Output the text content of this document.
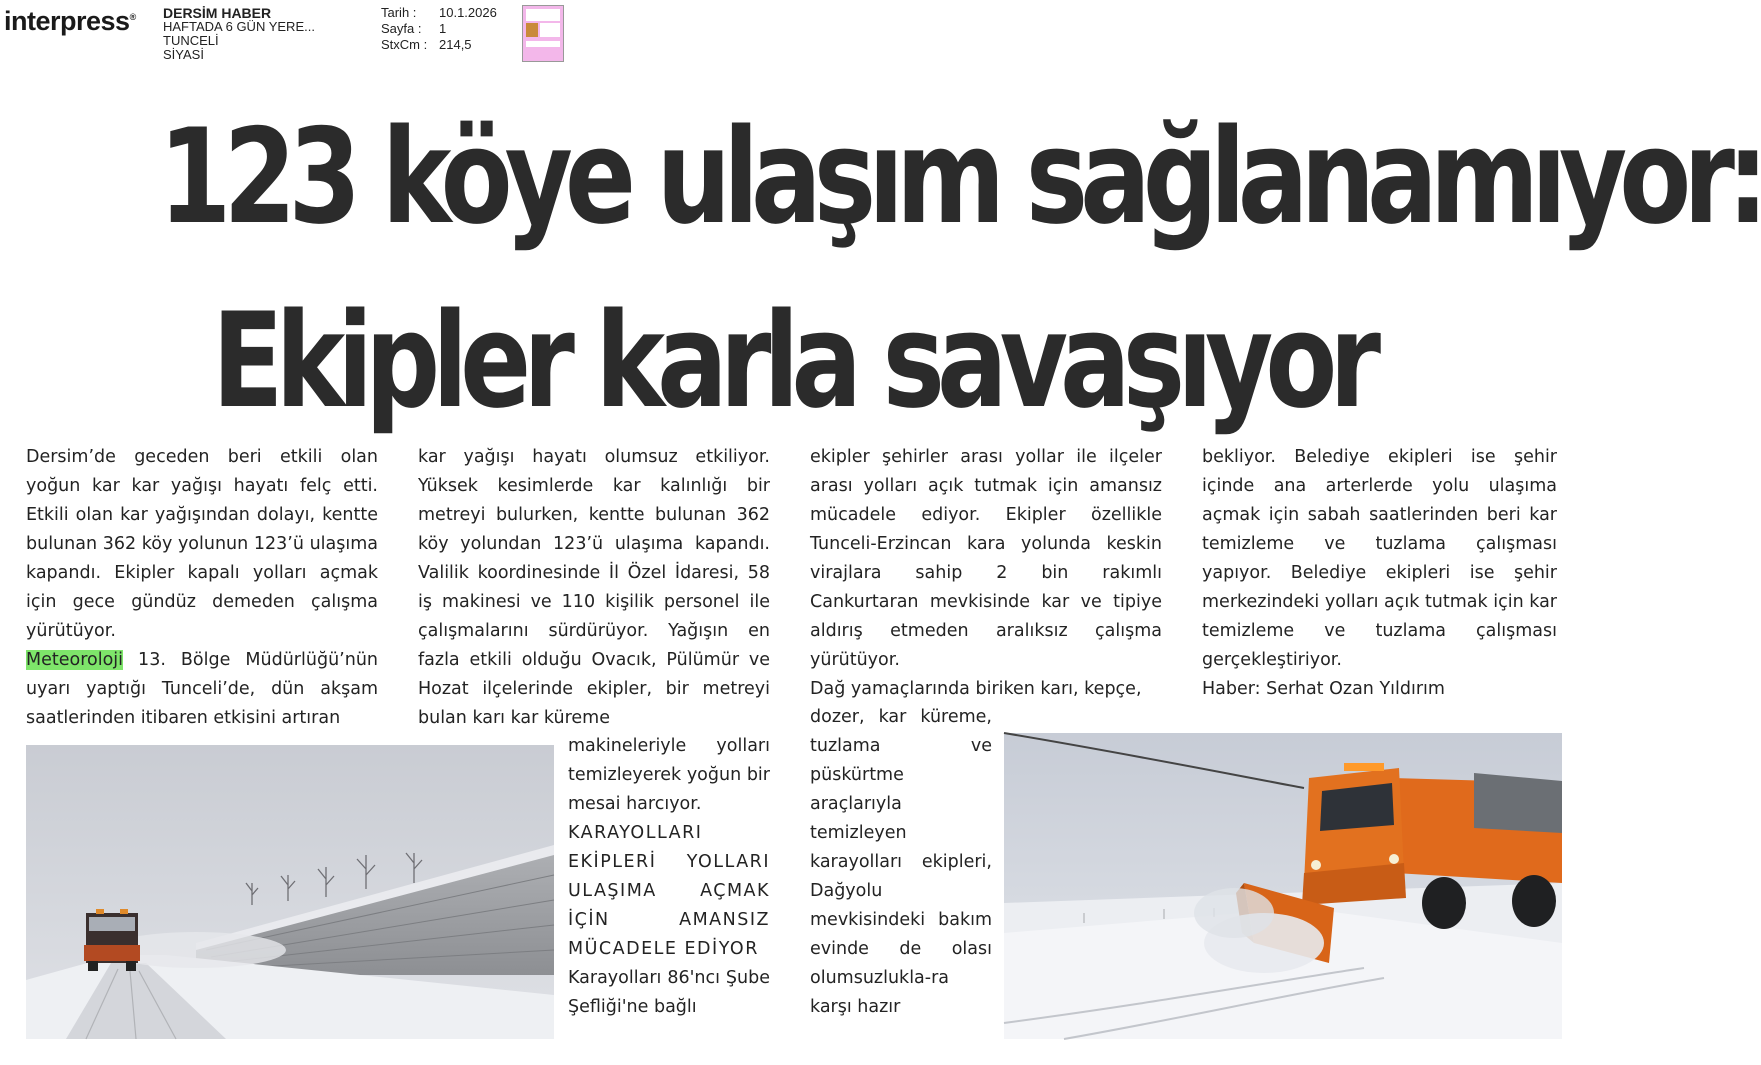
interpress® DERSİM HABER
HAFTADA 6 GÜN YERE...
TUNCELİ
SİYASİ
Tarih :	10.1.2026
Sayfa :	1
StxCm : 214,5
123 köye ulaşım sağlanamıyor:
Ekipler karla savaşıyor

Dersim’de geceden beri etkili olan yoğun kar kar yağışı hayatı felç etti. Etkili olan kar yağışından dolayı, kentte bulunan 362 köy yolunun 123’ü ulaşıma kapandı. Ekipler kapalı yolları açmak için gece gündüz demeden çalışma yürütüyor.

Meteoroloji 13. Bölge Müdürlüğü’nün uyarı yaptığı Tunceli’de, dün akşam saatlerinden itibaren etkisini artıran

kar yağışı hayatı olumsuz etkiliyor. Yüksek kesimlerde kar kalınlığı bir metreyi bulurken, kentte bulunan 362 köy yolundan 123’ü ulaşıma kapandı. Valilik koordinesinde İl Özel İdaresi, 58 iş makinesi ve 110 kişilik personel ile çalışmalarını sürdürüyor. Yağışın en fazla etkili olduğu Ovacık, Pülümür ve Hozat ilçelerinde ekipler, bir metreyi bulan karı kar küreme

makineleriyle yolları temizleyerek yoğun bir mesai harcıyor.

KARAYOLLARI EKİPLERİ YOLLARI ULAŞIMA AÇMAK İÇİN AMANSIZ MÜCADELE EDİYOR

Karayolları 86'ncı Şube Şefliği'ne bağlı

ekipler şehirler arası yollar ile ilçeler arası yolları açık tutmak için amansız mücadele ediyor. Ekipler özellikle Tunceli-Erzincan kara yolunda keskin virajlara sahip 2 bin rakımlı Cankurtaran mevkisinde kar ve tipiye aldırış etmeden aralıksız çalışma yürütüyor.

Dağ yamaçlarında biriken karı, kepçe,

dozer, kar küreme, tuzlama ve püskürtme araçlarıyla temizleyen karayolları ekipleri, Dağyolu mevkisindeki bakım evinde de olası olumsuzlukla-ra karşı hazır

bekliyor. Belediye ekipleri ise şehir içinde ana arterlerde yolu ulaşıma açmak için sabah saatlerinden beri kar temizleme ve tuzlama çalışması yapıyor. Belediye ekipleri ise şehir merkezindeki yolları açık tutmak için kar temizleme ve tuzlama çalışması gerçekleştiriyor.

Haber: Serhat Ozan Yıldırım
